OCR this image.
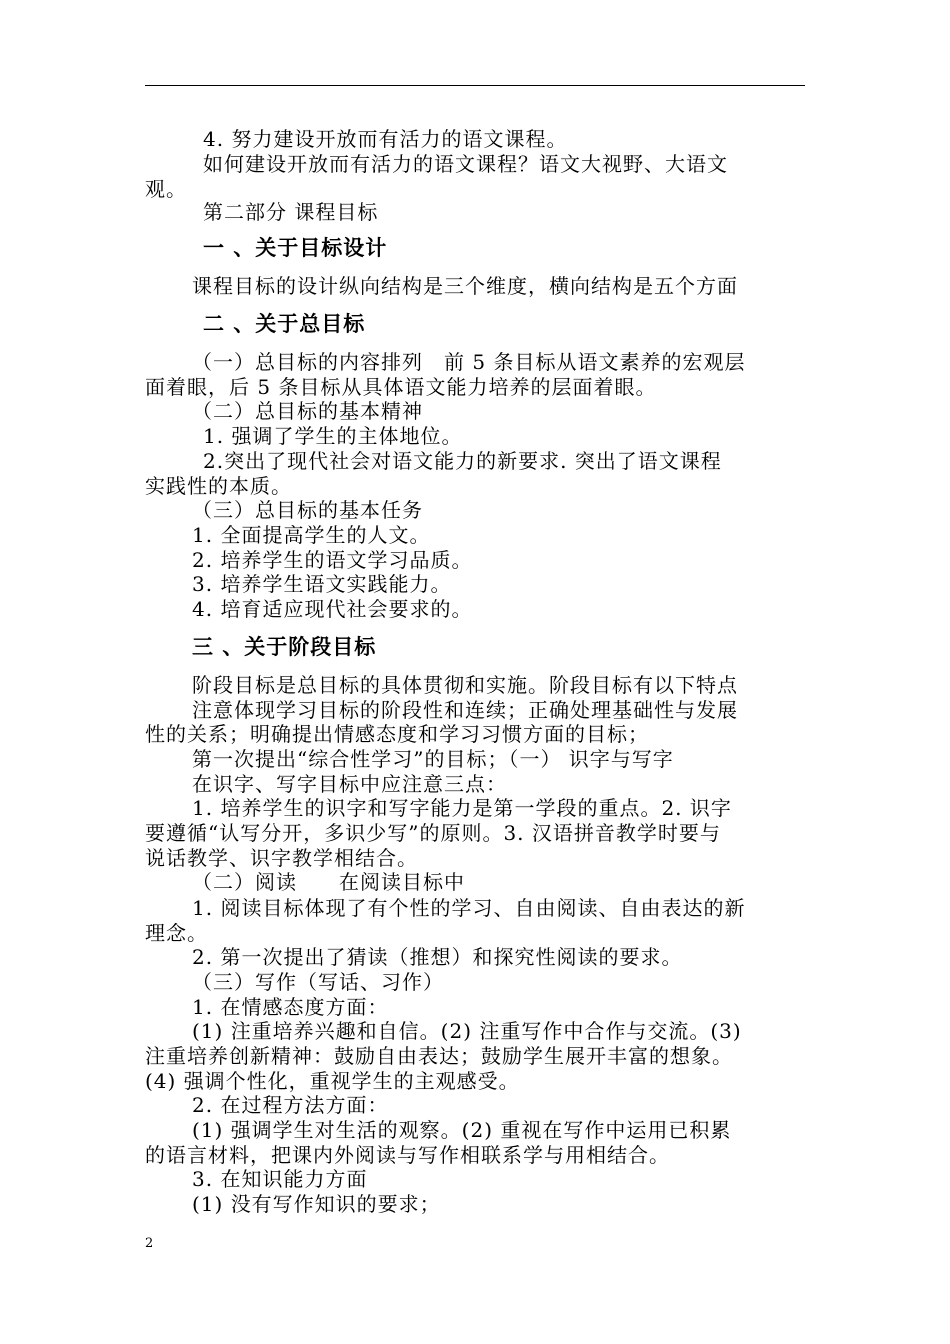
4. 努力建设开放而有活力的语文课程。
如何建设开放而有活力的语文课程？语文大视野、大语文
观。
第二部分 课程目标
一 、关于目标设计
课程目标的设计纵向结构是三个维度，横向结构是五个方面
二 、关于总目标
（一）总目标的内容排列　前 5 条目标从语文素养的宏观层
面着眼，后 5 条目标从具体语文能力培养的层面着眼。
（二）总目标的基本精神
1. 强调了学生的主体地位。
2.突出了现代社会对语文能力的新要求. 突出了语文课程
实践性的本质。
（三）总目标的基本任务
1. 全面提高学生的人文。
2. 培养学生的语文学习品质。
3. 培养学生语文实践能力。
4. 培育适应现代社会要求的。
三 、关于阶段目标
阶段目标是总目标的具体贯彻和实施。阶段目标有以下特点
注意体现学习目标的阶段性和连续；正确处理基础性与发展
性的关系；明确提出情感态度和学习习惯方面的目标；
第一次提出“综合性学习”的目标；（一） 识字与写字
在识字、写字目标中应注意三点：
1. 培养学生的识字和写字能力是第一学段的重点。2. 识字
要遵循“认写分开，多识少写”的原则。3. 汉语拼音教学时要与
说话教学、识字教学相结合。
（二）阅读　　在阅读目标中
1. 阅读目标体现了有个性的学习、自由阅读、自由表达的新
理念。
2. 第一次提出了猜读（推想）和探究性阅读的要求。
（三）写作（写话、习作）
1. 在情感态度方面：
(1) 注重培养兴趣和自信。(2) 注重写作中合作与交流。(3)
注重培养创新精神：鼓励自由表达；鼓励学生展开丰富的想象。
(4) 强调个性化，重视学生的主观感受。
2. 在过程方法方面：
(1) 强调学生对生活的观察。(2) 重视在写作中运用已积累
的语言材料，把课内外阅读与写作相联系学与用相结合。
3. 在知识能力方面
(1) 没有写作知识的要求；
2
